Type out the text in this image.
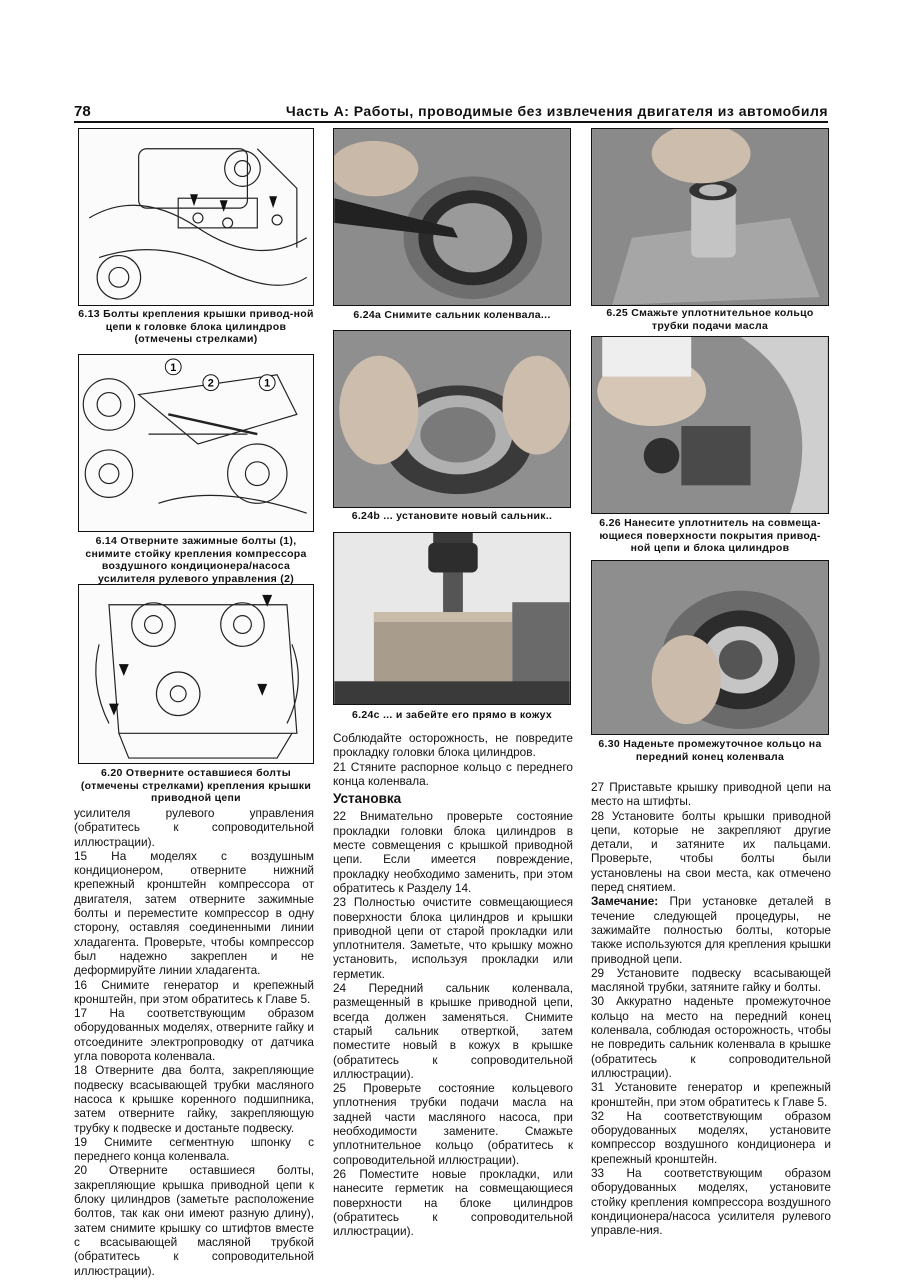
78	Часть А: Работы, проводимые без извлечения двигателя из автомобиля
6.13 Болты крепления крышки привод-ной цепи к головке блока цилиндров (отмечены стрелками)
1
2	1
6.14 Отверните зажимные болты (1), снимите стойку крепления компрессора воздушного кондиционера/насоса усилителя рулевого управления (2)
6.20 Отверните оставшиеся болты (отмечены стрелками) крепления крышки приводной цепи
6.24a Снимите сальник коленвала...
6.24b ... установите новый сальник..
6.24c ... и забейте его прямо в кожух
6.25 Смажьте уплотнительное кольцо трубки подачи масла
6.26 Нанесите уплотнитель на совмеща-ющиеся поверхности покрытия привод-ной цепи и блока цилиндров
6.30 Наденьте промежуточное кольцо на передний конец коленвала

усилителя рулевого управления (обратитесь к сопроводительной иллюстрации).

15 На моделях с воздушным кондиционером, отверните нижний крепежный кронштейн компрессора от двигателя, затем отверните зажимные болты и переместите компрессор в одну сторону, оставляя соединенными линии хладагента. Проверьте, чтобы компрессор был надежно закреплен и не деформируйте линии хладагента.

16 Снимите генератор и крепежный кронштейн, при этом обратитесь к Главе 5.

17 На соответствующим образом оборудованных моделях, отверните гайку и отсоедините электропроводку от датчика угла поворота коленвала.

18 Отверните два болта, закрепляющие подвеску всасывающей трубки масляного насоса к крышке коренного подшипника, затем отверните гайку, закрепляющую трубку к подвеске и достаньте подвеску.

19 Снимите сегментную шпонку с переднего конца коленвала.

20 Отверните оставшиеся болты, закрепляющие крышка приводной цепи к блоку цилиндров (заметьте расположение болтов, так как они имеют разную длину), затем снимите крышку со штифтов вместе с всасывающей масляной трубкой (обратитесь к сопроводительной иллюстрации).

Соблюдайте осторожность, не повредите прокладку головки блока цилиндров.

21 Стяните распорное кольцо с переднего конца коленвала.

Установка

22 Внимательно проверьте состояние прокладки головки блока цилиндров в месте совмещения с крышкой приводной цепи. Если имеется повреждение, прокладку необходимо заменить, при этом обратитесь к Разделу 14.

23 Полностью очистите совмещающиеся поверхности блока цилиндров и крышки приводной цепи от старой прокладки или уплотнителя. Заметьте, что крышку можно установить, используя прокладки или герметик.

24 Передний сальник коленвала, размещенный в крышке приводной цепи, всегда должен заменяться. Снимите старый сальник отверткой, затем поместите новый в кожух в крышке (обратитесь к сопроводительной иллюстрации).

25 Проверьте состояние кольцевого уплотнения трубки подачи масла на задней части масляного насоса, при необходимости замените. Смажьте уплотнительное кольцо (обратитесь к сопроводительной иллюстрации).

26 Поместите новые прокладки, или нанесите герметик на совмещающиеся поверхности на блоке цилиндров (обратитесь к сопроводительной иллюстрации).

27 Приставьте крышку приводной цепи на место на штифты.

28 Установите болты крышки приводной цепи, которые не закрепляют другие детали, и затяните их пальцами. Проверьте, чтобы болты были установлены на свои места, как отмечено перед снятием.

Замечание: При установке деталей в течение следующей процедуры, не зажимайте полностью болты, которые также используются для крепления крышки приводной цепи.

29 Установите подвеску всасывающей масляной трубки, затяните гайку и болты.

30 Аккуратно наденьте промежуточное кольцо на место на передний конец коленвала, соблюдая осторожность, чтобы не повредить сальник коленвала в крышке (обратитесь к сопроводительной иллюстрации).

31 Установите генератор и крепежный кронштейн, при этом обратитесь к Главе 5.

32 На соответствующим образом оборудованных моделях, установите компрессор воздушного кондиционера и крепежный кронштейн.

33 На соответствующим образом оборудованных моделях, установите стойку крепления компрессора воздушного кондиционера/насоса усилителя рулевого управле-ния.
